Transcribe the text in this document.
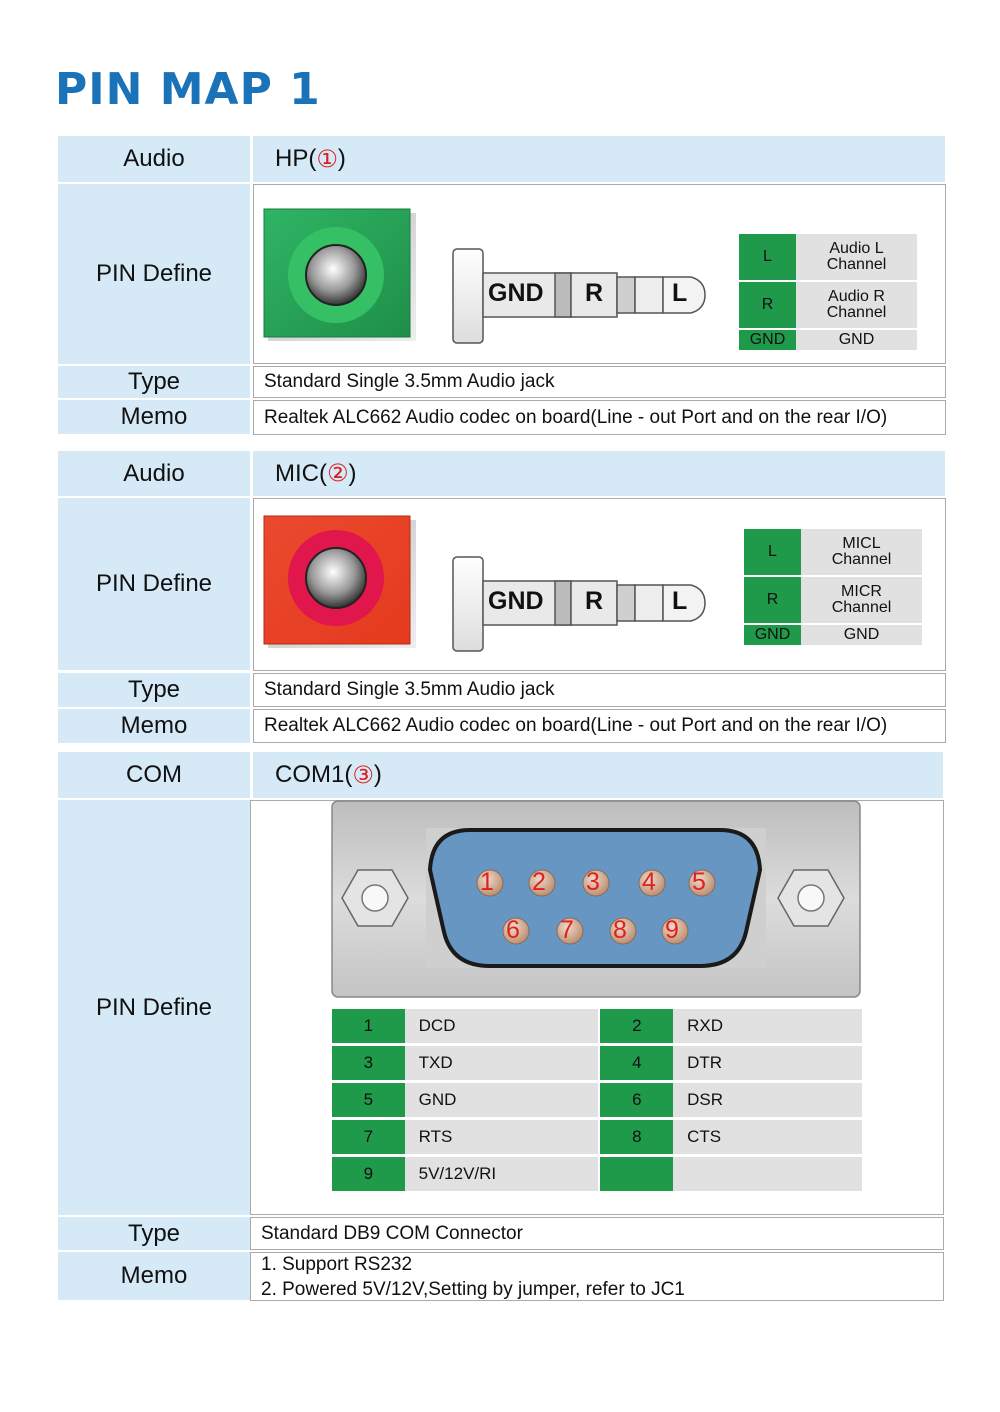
PIN MAP 1
Audio	HP( ① )
PIN Define
GND R	L
L	Audio L
Channel

R	Audio R
Channel

GND	GND
Type	Standard Single 3.5mm Audio jack
Memo	Realtek ALC662 Audio codec on board(Line - out Port and on the rear I/O)
Audio	MIC( ② )
PIN Define
GND R	L
L	MICL
Channel

R	MICR
Channel

GND	GND
Type	Standard Single 3.5mm Audio jack
Memo	Realtek ALC662 Audio codec on board(Line - out Port and on the rear I/O)
COM	COM1( ③ )
PIN Define
1 2 3 4 5
6 7 8 9
1	DCD		2	RXD
3	TXD		4	DTR
5	GND		6	DSR
7	RTS		8	CTS
9	5V/12V/RI			
Type	Standard DB9 COM Connector
Memo	1. Support RS232
2. Powered 5V/12V,Setting by jumper, refer to JC1
